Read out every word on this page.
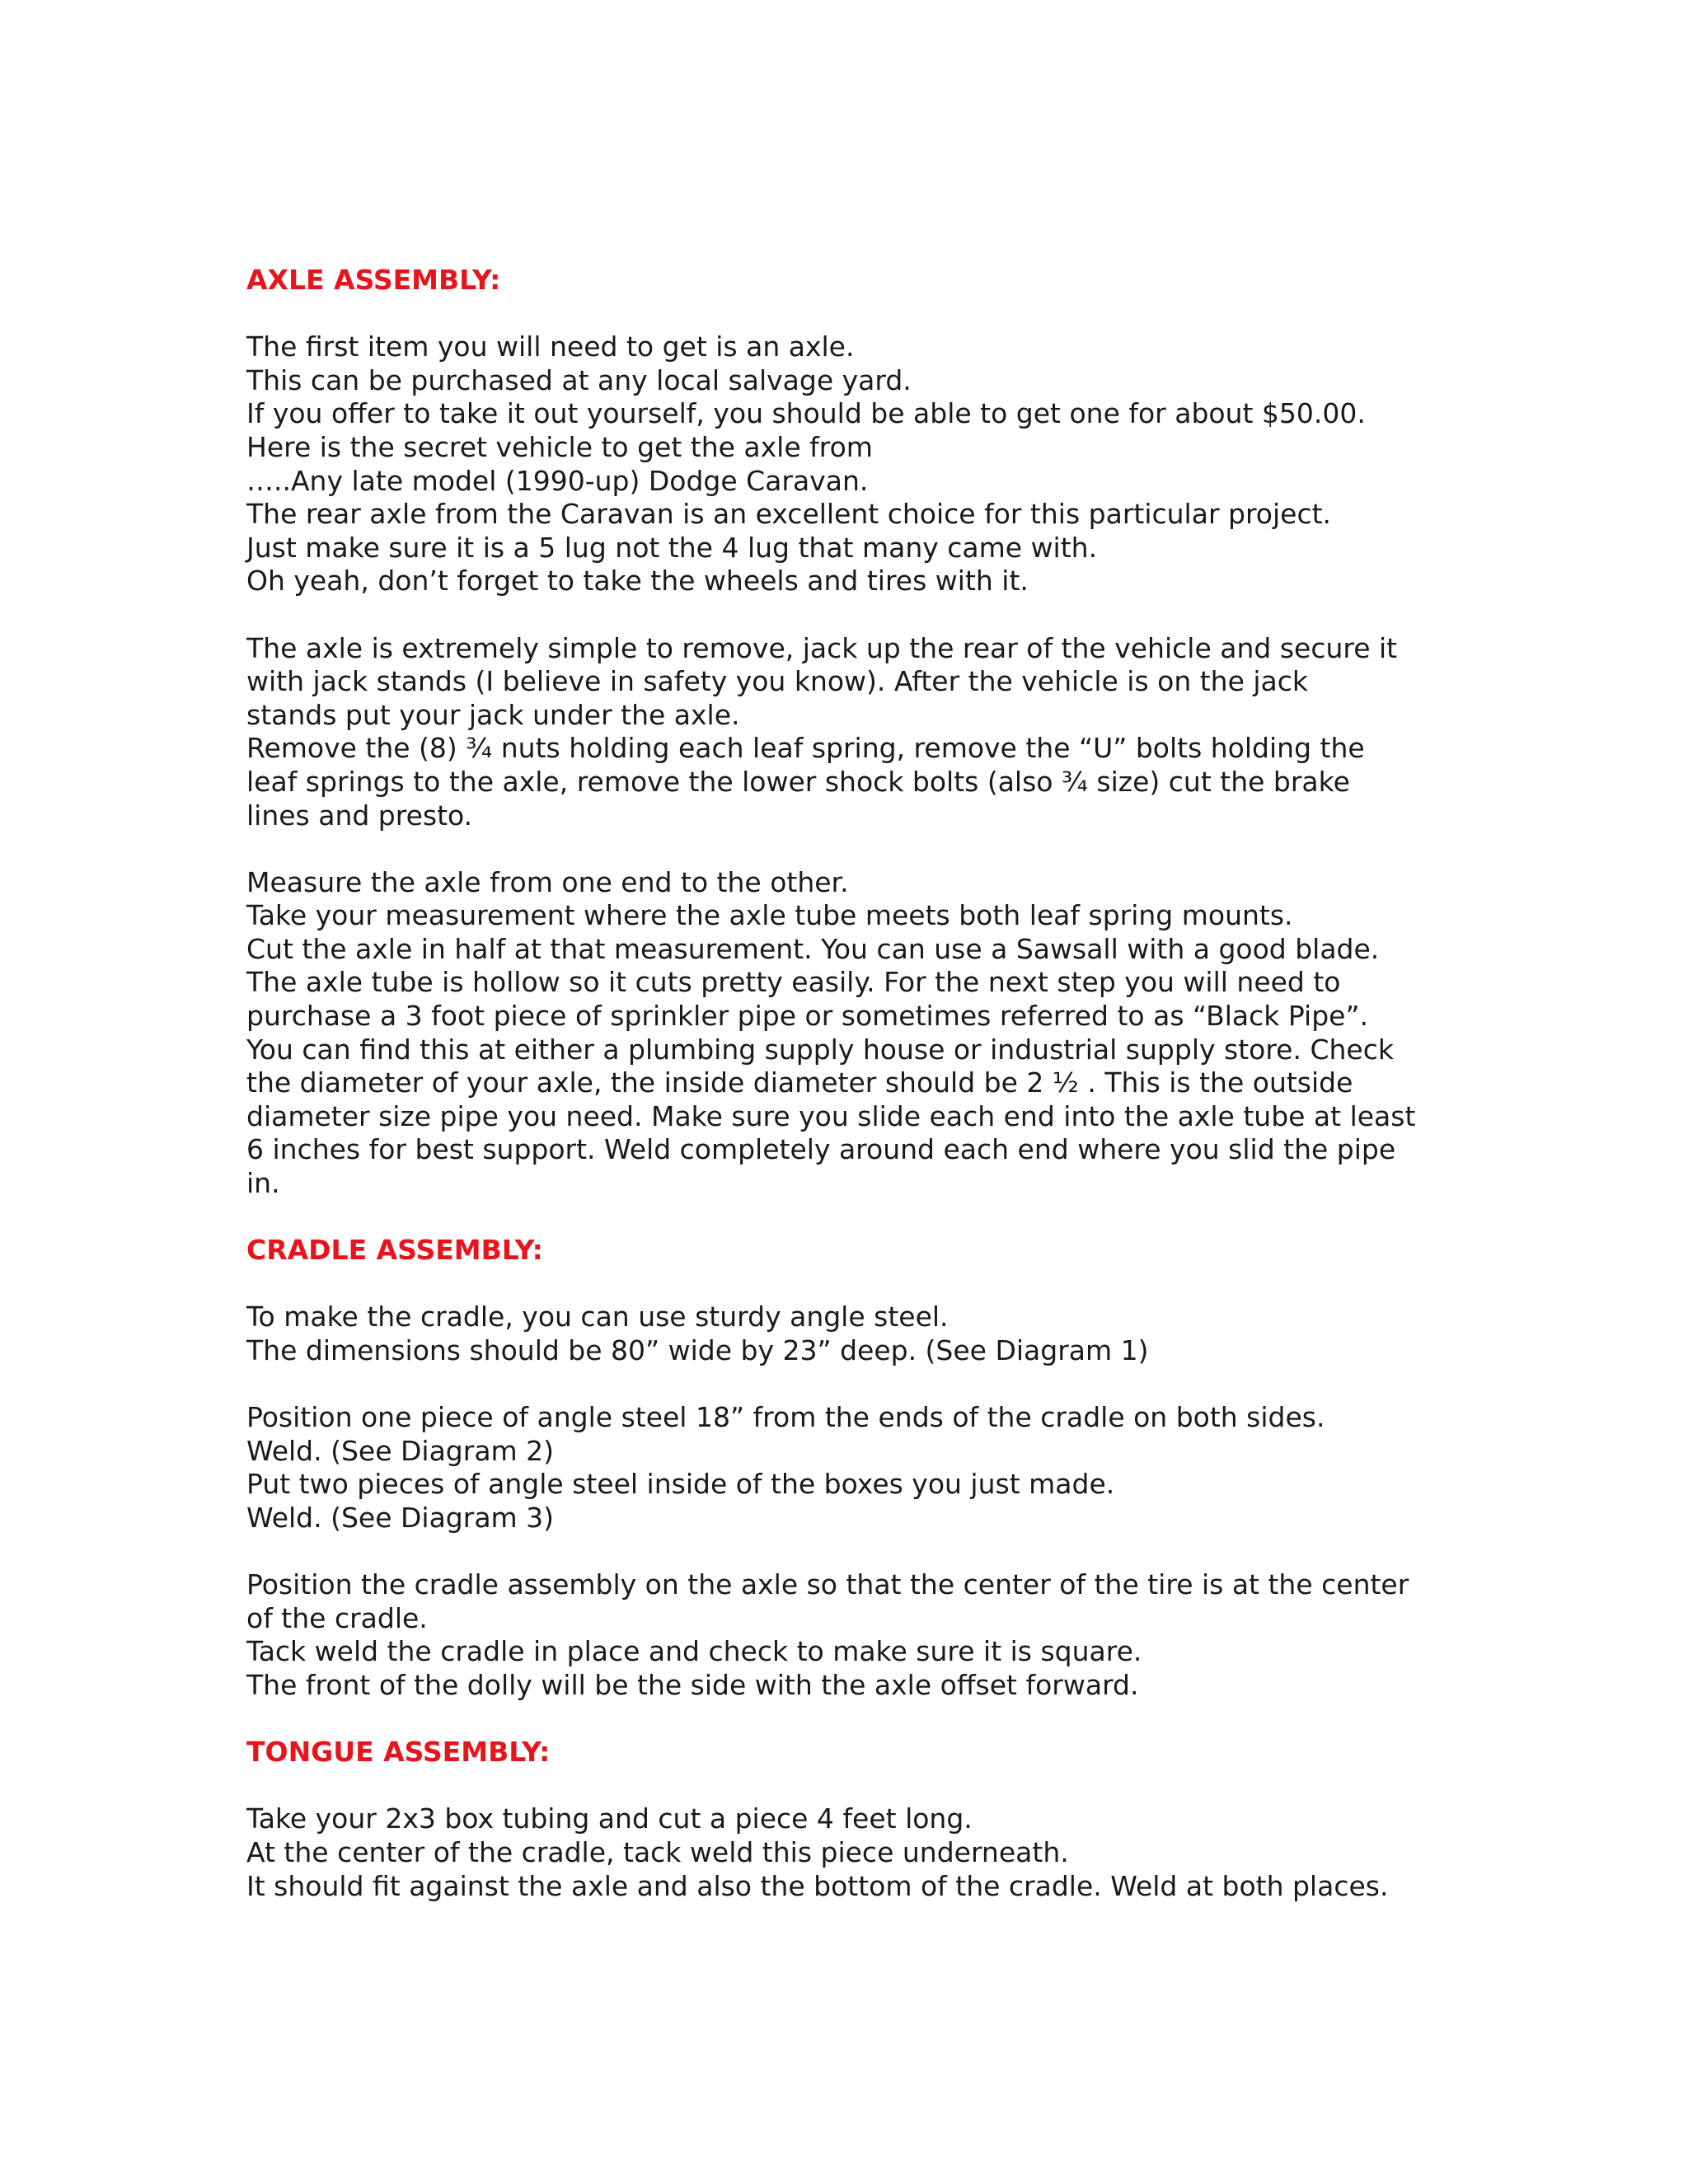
AXLE ASSEMBLY:

The first item you will need to get is an axle.

This can be purchased at any local salvage yard.

If you offer to take it out yourself, you should be able to get one for about $50.00.

Here is the secret vehicle to get the axle from

…..Any late model (1990-up) Dodge Caravan.

The rear axle from the Caravan is an excellent choice for this particular project.

Just make sure it is a 5 lug not the 4 lug that many came with.

Oh yeah, don’t forget to take the wheels and tires with it.

The axle is extremely simple to remove, jack up the rear of the vehicle and secure it

with jack stands (I believe in safety you know). After the vehicle is on the jack

stands put your jack under the axle.

Remove the (8) ¾ nuts holding each leaf spring, remove the “U” bolts holding the

leaf springs to the axle, remove the lower shock bolts (also ¾ size) cut the brake

lines and presto.

Measure the axle from one end to the other.

Take your measurement where the axle tube meets both leaf spring mounts.

Cut the axle in half at that measurement. You can use a Sawsall with a good blade.

The axle tube is hollow so it cuts pretty easily. For the next step you will need to

purchase a 3 foot piece of sprinkler pipe or sometimes referred to as “Black Pipe”.

You can find this at either a plumbing supply house or industrial supply store. Check

the diameter of your axle, the inside diameter should be 2 ½ . This is the outside

diameter size pipe you need. Make sure you slide each end into the axle tube at least

6 inches for best support. Weld completely around each end where you slid the pipe

in.

CRADLE ASSEMBLY:

To make the cradle, you can use sturdy angle steel.

The dimensions should be 80” wide by 23” deep. (See Diagram 1)

Position one piece of angle steel 18” from the ends of the cradle on both sides.

Weld. (See Diagram 2)

Put two pieces of angle steel inside of the boxes you just made.

Weld. (See Diagram 3)

Position the cradle assembly on the axle so that the center of the tire is at the center

of the cradle.

Tack weld the cradle in place and check to make sure it is square.

The front of the dolly will be the side with the axle offset forward.

TONGUE ASSEMBLY:

Take your 2x3 box tubing and cut a piece 4 feet long.

At the center of the cradle, tack weld this piece underneath.

It should fit against the axle and also the bottom of the cradle. Weld at both places.
